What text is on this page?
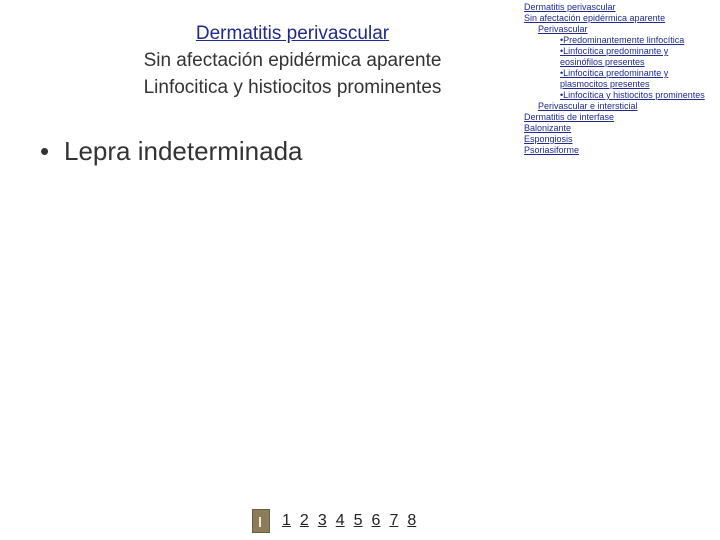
Dermatitis perivascular
Sin afectación epidérmica aparente
Linfocitica y histiocitos prominentes
• Lepra indeterminada
1 2 3 4 5 6 7 8
Dermatitis perivascular
Sin afectación epidérmica aparente
Perivascular
•Predominantemente linfocítica
•Linfocítica predominante y eosinófilos presentes
•Linfocítica predominante y plasmocitos presentes
•Linfocítica y histiocitos prominentes
Perivascular e intersticial
Dermatitis de interfase
Balonizante
Espongiosis
Psoriasiforme
